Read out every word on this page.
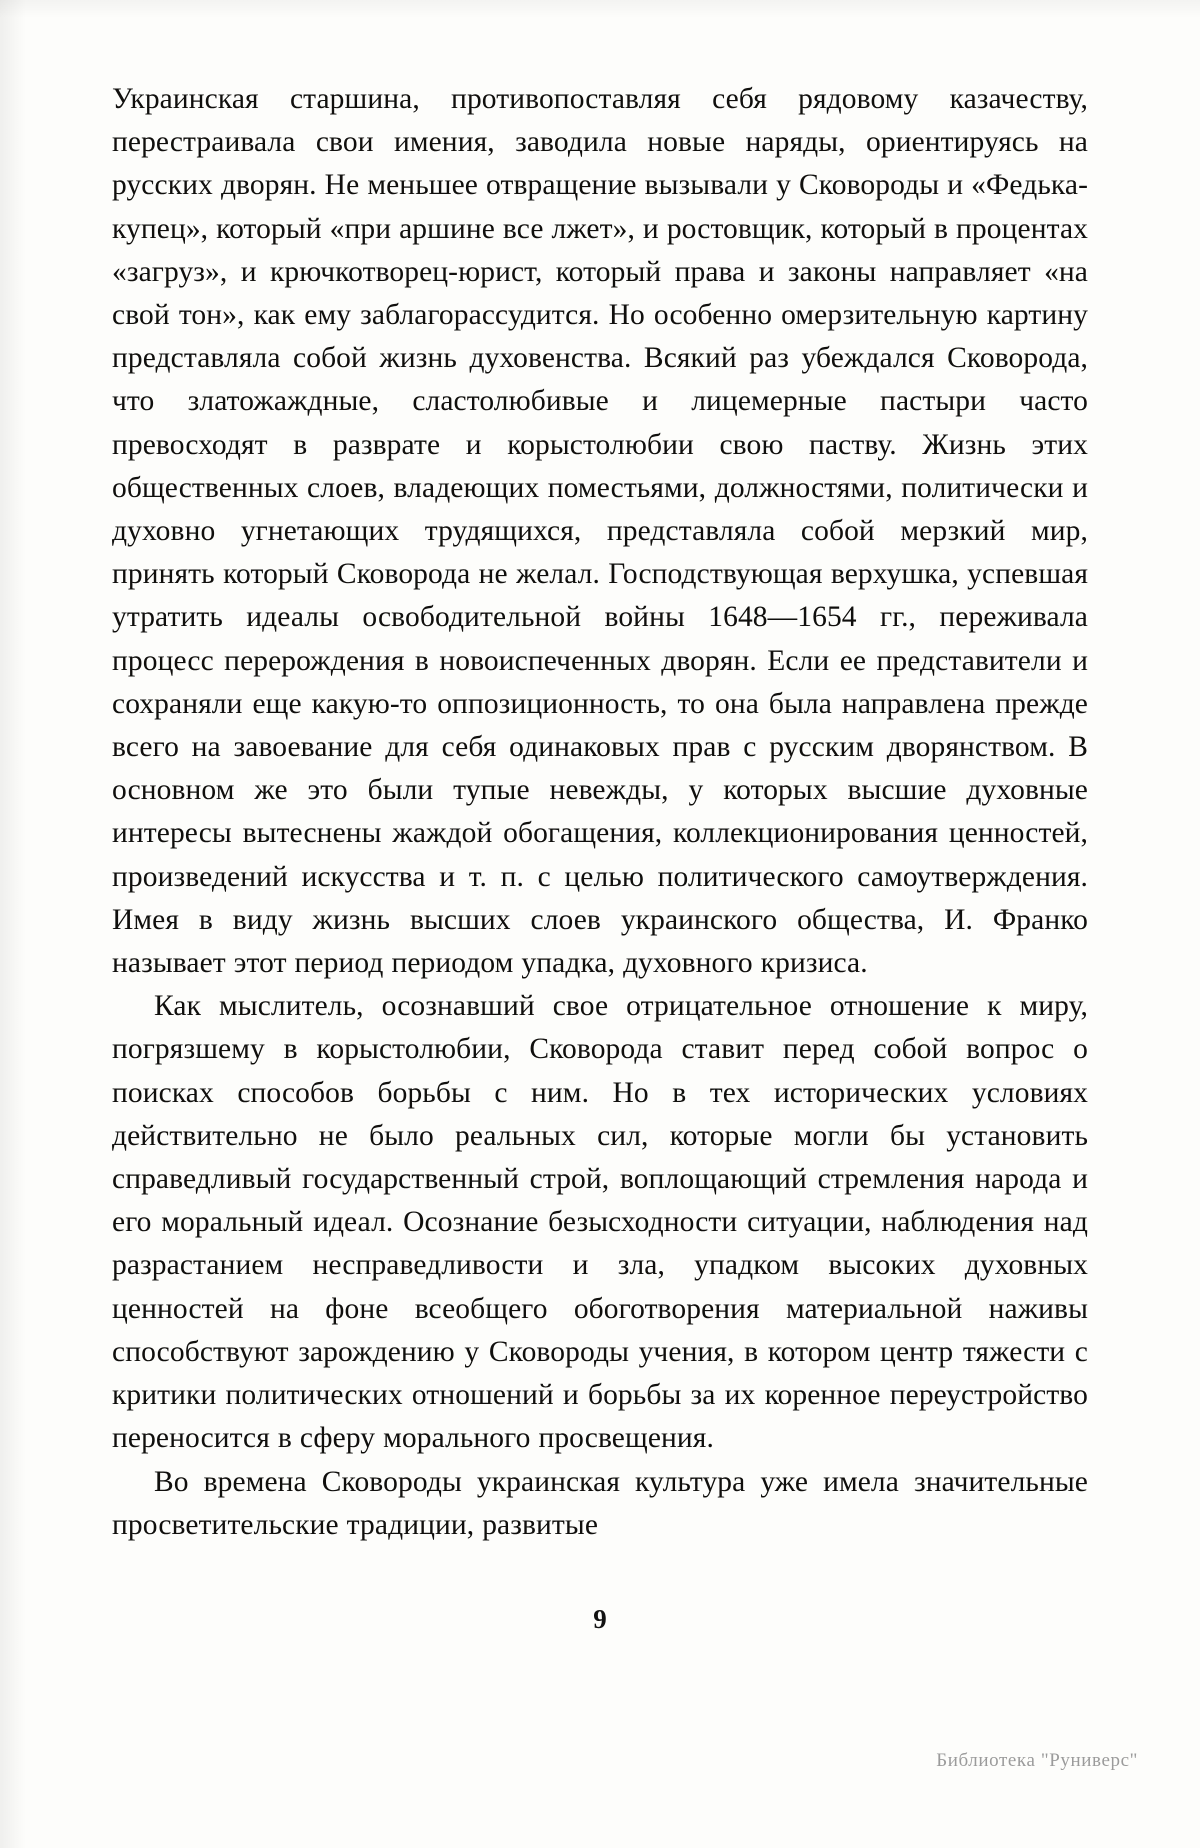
Украинская старшина, противопоставляя себя рядовому казачеству, перестраивала свои имения, заводила новые наряды, ориентируясь на русских дворян. Не меньшее отвращение вызывали у Сковороды и «Федька-купец», который «при аршине все лжет», и ростовщик, который в процентах «загруз», и крючкотворец-юрист, который права и законы направляет «на свой тон», как ему заблагорассудится. Но особенно омерзительную картину представляла собой жизнь духовенства. Всякий раз убеждался Сковорода, что златожаждные, сластолюбивые и лицемерные пастыри часто превосходят в разврате и корыстолюбии свою паству. Жизнь этих общественных слоев, владеющих поместьями, должностями, политически и духовно угнетающих трудящихся, представляла собой мерзкий мир, принять который Сковорода не желал. Господствующая верхушка, успевшая утратить идеалы освободительной войны 1648—1654 гг., переживала процесс перерождения в новоиспеченных дворян. Если ее представители и сохраняли еще какую-то оппозиционность, то она была направлена прежде всего на завоевание для себя одинаковых прав с русским дворянством. В основном же это были тупые невежды, у которых высшие духовные интересы вытеснены жаждой обогащения, коллекционирования ценностей, произведений искусства и т. п. с целью политического самоутверждения. Имея в виду жизнь высших слоев украинского общества, И. Франко называет этот период периодом упадка, духовного кризиса.

Как мыслитель, осознавший свое отрицательное отношение к миру, погрязшему в корыстолюбии, Сковорода ставит перед собой вопрос о поисках способов борьбы с ним. Но в тех исторических условиях действительно не было реальных сил, которые могли бы установить справедливый государственный строй, воплощающий стремления народа и его моральный идеал. Осознание безысходности ситуации, наблюдения над разрастанием несправедливости и зла, упадком высоких духовных ценностей на фоне всеобщего обоготворения материальной наживы способствуют зарождению у Сковороды учения, в котором центр тяжести с критики политических отношений и борьбы за их коренное переустройство переносится в сферу морального просвещения.

Во времена Сковороды украинская культура уже имела значительные просветительские традиции, развитые

9
Библиотека "Руниверс"
